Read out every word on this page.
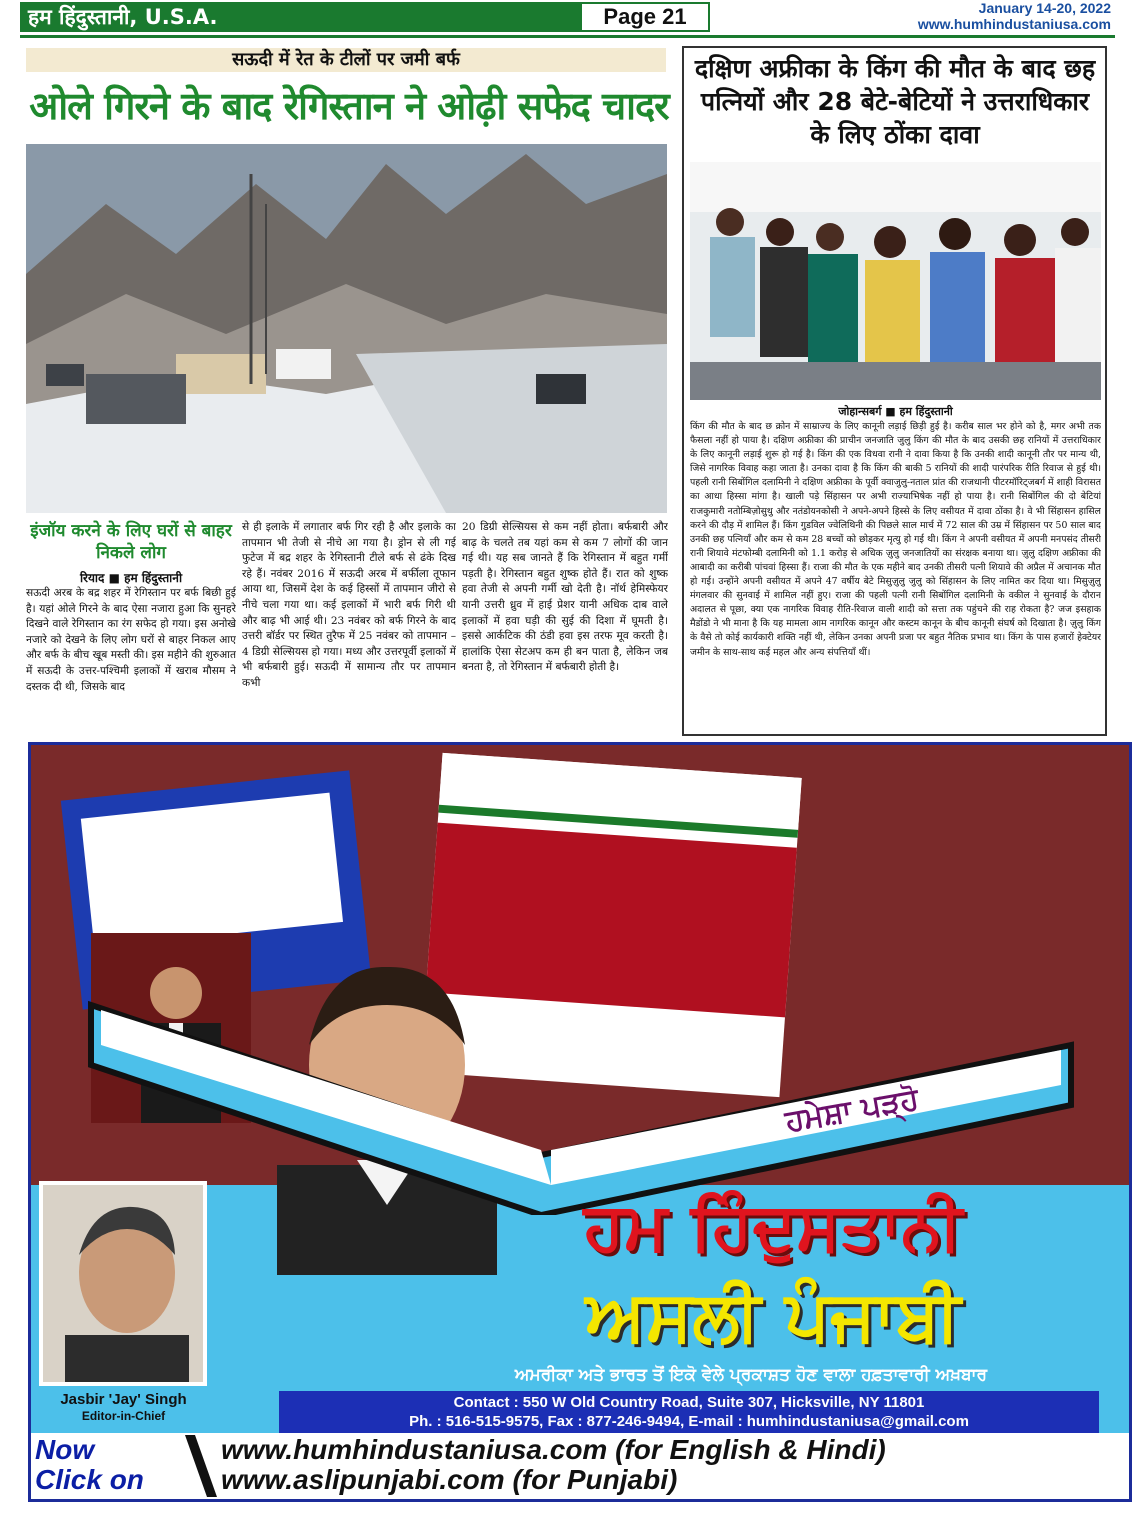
हम हिंदुस्तानी, U.S.A.	Page 21	January 14-20, 2022
www.humhindustaniusa.com
सऊदी में रेत के टीलों पर जमी बर्फ
ओले गिरने के बाद रेगिस्तान ने ओढ़ी सफेद चादर
इंजॉय करने के लिए घरों से बाहर निकले लोग
रियाद ■ हम हिंदुस्तानी
सऊदी अरब के बद्र शहर में रेगिस्तान पर बर्फ बिछी हुई है। यहां ओले गिरने के बाद ऐसा नजारा हुआ कि सुनहरे दिखने वाले रेगिस्तान का रंग सफेद हो गया। इस अनोखे नजारे को देखने के लिए लोग घरों से बाहर निकल आए और बर्फ के बीच खूब मस्ती की। इस महीने की शुरुआत में सऊदी के उत्तर-पश्चिमी इलाकों में खराब मौसम ने दस्तक दी थी, जिसके बाद
से ही इलाके में लगातार बर्फ गिर रही है और इलाके का तापमान भी तेजी से नीचे आ गया है। ड्रोन से ली गई फुटेज में बद्र शहर के रेगिस्तानी टीले बर्फ से ढंके दिख रहे हैं। नवंबर 2016 में सऊदी अरब में बर्फीला तूफान आया था, जिसमें देश के कई हिस्सों में तापमान जीरो से नीचे चला गया था। कई इलाकों में भारी बर्फ गिरी थी और बाढ़ भी आई थी। 23 नवंबर को बर्फ गिरने के बाद उत्तरी बॉर्डर पर स्थित तुरैफ में 25 नवंबर को तापमान –4 डिग्री सेल्सियस हो गया। मध्य और उत्तरपूर्वी इलाकों में भी बर्फबारी हुई। सऊदी में सामान्य तौर पर तापमान कभी
20 डिग्री सेल्सियस से कम नहीं होता। बर्फबारी और बाढ़ के चलते तब यहां कम से कम 7 लोगों की जान गई थी। यह सब जानते हैं कि रेगिस्तान में बहुत गर्मी पड़ती है। रेगिस्तान बहुत शुष्क होते हैं। रात को शुष्क हवा तेजी से अपनी गर्मी खो देती है। नॉर्थ हेमिस्फेयर यानी उत्तरी ध्रुव में हाई प्रेशर यानी अधिक दाब वाले इलाकों में हवा घड़ी की सुई की दिशा में घूमती है। इससे आर्कटिक की ठंडी हवा इस तरफ मूव करती है। हालांकि ऐसा सेटअप कम ही बन पाता है, लेकिन जब बनता है, तो रेगिस्तान में बर्फबारी होती है।
दक्षिण अफ्रीका के किंग की मौत के बाद छह पत्नियों और 28 बेटे-बेटियों ने उत्तराधिकार के लिए ठोंका दावा
जोहान्सबर्ग ■ हम हिंदुस्तानी
किंग की मौत के बाद छ क्रोन में साम्राज्य के लिए कानूनी लड़ाई छिड़ी हुई है। करीब साल भर होने को है, मगर अभी तक फैसला नहीं हो पाया है। दक्षिण अफ्रीका की प्राचीन जनजाति जुलु किंग की मौत के बाद उसकी छह रानियों में उत्तराधिकार के लिए कानूनी लड़ाई शुरू हो गई है। किंग की एक विधवा रानी ने दावा किया है कि उनकी शादी कानूनी तौर पर मान्य थी, जिसे नागरिक विवाह कहा जाता है। उनका दावा है कि किंग की बाकी 5 रानियों की शादी पारंपरिक रीति रिवाज से हुई थी। पहली रानी सिबोंगिल दलामिनी ने दक्षिण अफ्रीका के पूर्वी क्वाजुलु-नताल प्रांत की राजधानी पीटरमॉरिट्जबर्ग में शाही विरासत का आधा हिस्सा मांगा है। खाली पड़े सिंहासन पर अभी राज्याभिषेक नहीं हो पाया है। रानी सिबोंगिल की दो बेटियां राजकुमारी नतोम्बिज़ोसुथु और नतंडोयनकोसी ने अपने-अपने हिस्से के लिए वसीयत में दावा ठोंका है। वे भी सिंहासन हासिल करने की दौड़ में शामिल हैं। किंग गुडविल ज्वेलिथिनी की पिछले साल मार्च में 72 साल की उम्र में सिंहासन पर 50 साल बाद उनकी छह पत्नियाँ और कम से कम 28 बच्चों को छोड़कर मृत्यु हो गई थी। किंग ने अपनी वसीयत में अपनी मनपसंद तीसरी रानी शियावे मंटफोम्बी दलामिनी को 1.1 करोड़ से अधिक ज़ुलु जनजातियों का संरक्षक बनाया था। ज़ुलु दक्षिण अफ्रीका की आबादी का करीबी पांचवां हिस्सा हैं। राजा की मौत के एक महीने बाद उनकी तीसरी पत्नी शियावे की अप्रैल में अचानक मौत हो गई। उन्होंने अपनी वसीयत में अपने 47 वर्षीय बेटे मिसुज़ुलु जुलु को सिंहासन के लिए नामित कर दिया था। मिसुज़ुलु मंगलवार की सुनवाई में शामिल नहीं हुए। राजा की पहली पत्नी रानी सिबोंगिल दलामिनी के वकील ने सुनवाई के दौरान अदालत से पूछा, क्या एक नागरिक विवाह रीति-रिवाज वाली शादी को सत्ता तक पहुंचने की राह रोकता है? जज इसहाक मैडोंडो ने भी माना है कि यह मामला आम नागरिक कानून और कस्टम कानून के बीच कानूनी संघर्ष को दिखाता है। ज़ुलु किंग के वैसे तो कोई कार्यकारी शक्ति नहीं थी, लेकिन उनका अपनी प्रजा पर बहुत नैतिक प्रभाव था। किंग के पास हजारों हेक्टेयर जमीन के साथ-साथ कई महल और अन्य संपत्तियाँ थीं।
ਹਮੇਸ਼ਾ ਪੜ੍ਹੋ
ਹਮ ਹਿੰਦੁਸਤਾਨੀ
ਅਸਲੀ ਪੰਜਾਬੀ
ਅਮਰੀਕਾ ਅਤੇ ਭਾਰਤ ਤੋਂ ਇਕੋ ਵੇਲੇ ਪ੍ਰਕਾਸ਼ਤ ਹੋਣ ਵਾਲਾ ਹਫ਼ਤਾਵਾਰੀ ਅਖ਼ਬਾਰ
Jasbir 'Jay' Singh
Editor-in-Chief
Contact : 550 W Old Country Road, Suite 307, Hicksville, NY 11801
Ph. : 516-515-9575, Fax : 877-246-9494, E-mail : humhindustaniusa@gmail.com
Now
Click on
www.humhindustaniusa.com (for English & Hindi)
www.aslipunjabi.com (for Punjabi)
